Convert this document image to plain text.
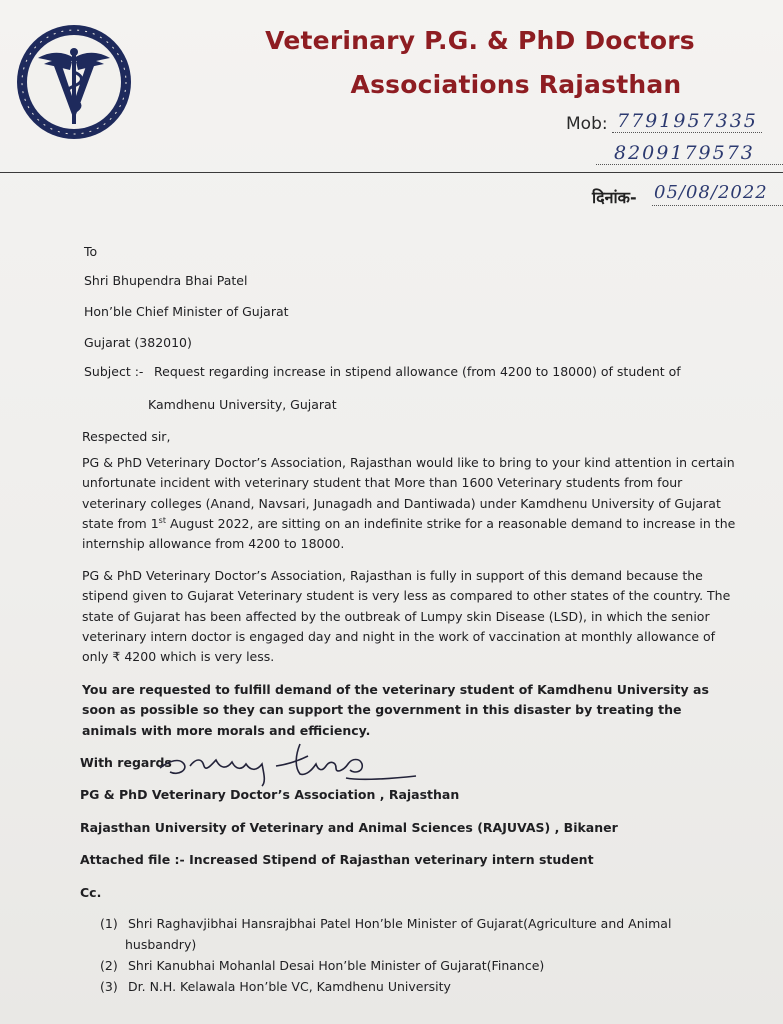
Veterinary P.G. & PhD Doctors
Associations Rajasthan
Mob: 7791957335
8209179573
दिनांक- 05/08/2022
To
Shri Bhupendra Bhai Patel
Hon’ble Chief Minister of Gujarat
Gujarat (382010)
Subject :- Request regarding increase in stipend allowance (from 4200 to 18000) of student of
Kamdhenu University, Gujarat
Respected sir,
PG & PhD Veterinary Doctor’s Association, Rajasthan would like to bring to your kind attention in certain unfortunate incident with veterinary student that More than 1600 Veterinary students from four veterinary colleges (Anand, Navsari, Junagadh and Dantiwada) under Kamdhenu University of Gujarat state from 1st August 2022, are sitting on an indefinite strike for a reasonable demand to increase in the internship allowance from 4200 to 18000.
PG & PhD Veterinary Doctor’s Association, Rajasthan is fully in support of this demand because the stipend given to Gujarat Veterinary student is very less as compared to other states of the country. The state of Gujarat has been affected by the outbreak of Lumpy skin Disease (LSD), in which the senior veterinary intern doctor is engaged day and night in the work of vaccination at monthly allowance of only ₹ 4200 which is very less.
You are requested to fulfill demand of the veterinary student of Kamdhenu University as soon as possible so they can support the government in this disaster by treating the animals with more morals and efficiency.
With regards
PG & PhD Veterinary Doctor’s Association , Rajasthan
Rajasthan University of Veterinary and Animal Sciences (RAJUVAS) , Bikaner
Attached file :- Increased Stipend of Rajasthan veterinary intern student
Cc.
(1) Shri Raghavjibhai Hansrajbhai Patel Hon’ble Minister of Gujarat(Agriculture and Animal
husbandry)
(2) Shri Kanubhai Mohanlal Desai Hon’ble Minister of Gujarat(Finance)
(3) Dr. N.H. Kelawala Hon’ble VC, Kamdhenu University
